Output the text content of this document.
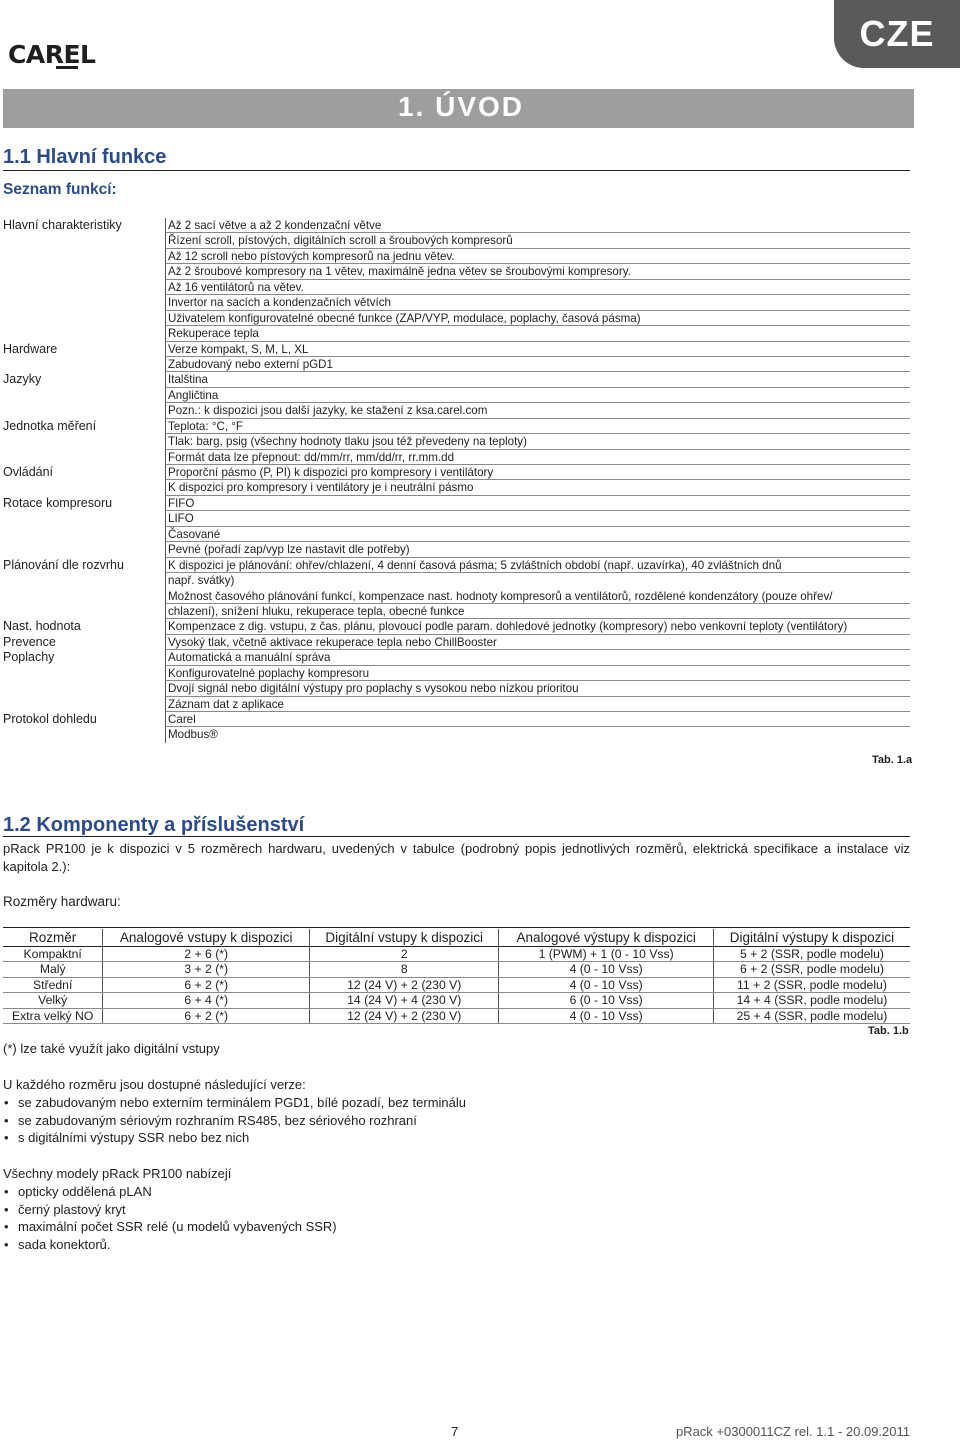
CAREL
CZE
1. ÚVOD
1.1 Hlavní funkce
Seznam funkcí:
Hlavní charakteristiky	Až 2 sací větve a až 2 kondenzační větve
Řízení scroll, pístových, digitálních scroll a šroubových kompresorů
Až 12 scroll nebo pístových kompresorů na jednu větev.
Až 2 šroubové kompresory na 1 větev, maximálně jedna větev se šroubovými kompresory.
Až 16 ventilátorů na větev.
Invertor na sacích a kondenzačních větvích
Uživatelem konfigurovatelné obecné funkce (ZAP/VYP, modulace, poplachy, časová pásma)
Rekuperace tepla
Hardware	Verze kompakt, S, M, L, XL
Zabudovaný nebo externí pGD1
Jazyky	Italština
Angličtina
Pozn.: k dispozici jsou další jazyky, ke stažení z ksa.carel.com
Jednotka měření	Teplota: °C, °F
Tlak: barg, psig (všechny hodnoty tlaku jsou též převedeny na teploty)
Formát data lze přepnout: dd/mm/rr, mm/dd/rr, rr.mm.dd
Ovládání	Proporční pásmo (P, PI) k dispozici pro kompresory i ventilátory
K dispozici pro kompresory i ventilátory je i neutrální pásmo
Rotace kompresoru	FIFO
LIFO
Časované
Pevné (pořadí zap/vyp lze nastavit dle potřeby)
Plánování dle rozvrhu	K dispozici je plánování: ohřev/chlazení, 4 denní časová pásma; 5 zvláštních období (např. uzavírka), 40 zvláštních dnů
např. svátky)
Možnost časového plánování funkcí, kompenzace nast. hodnoty kompresorů a ventilátorů, rozdělené kondenzátory (pouze ohřev/
chlazení), snížení hluku, rekuperace tepla, obecné funkce
Nast. hodnota	Kompenzace z dig. vstupu, z čas. plánu, plovoucí podle param. dohledové jednotky (kompresory) nebo venkovní teploty (ventilátory)
Prevence	Vysoký tlak, včetně aktivace rekuperace tepla nebo ChillBooster
Poplachy	Automatická a manuální správa
Konfigurovatelné poplachy kompresoru
Dvojí signál nebo digitální výstupy pro poplachy s vysokou nebo nízkou prioritou
Záznam dat z aplikace
Protokol dohledu	Carel
Modbus®
Tab. 1.a
1.2 Komponenty a příslušenství
pRack PR100 je k dispozici v 5 rozměrech hardwaru, uvedených v tabulce (podrobný popis jednotlivých rozměrů, elektrická specifikace a instalace viz kapitola 2.):
Rozměry hardwaru:
Rozměr	Analogové vstupy k dispozici	Digitální vstupy k dispozici	Analogové výstupy k dispozici	Digitální výstupy k dispozici
Kompaktní	2 + 6 (*)	2	1 (PWM) + 1 (0 - 10 Vss)	5 + 2 (SSR, podle modelu)
Malý	3 + 2 (*)	8	4 (0 - 10 Vss)	6 + 2 (SSR, podle modelu)
Střední	6 + 2 (*)	12 (24 V) + 2 (230 V)	4 (0 - 10 Vss)	11 + 2 (SSR, podle modelu)
Velký	6 + 4 (*)	14 (24 V) + 4 (230 V)	6 (0 - 10 Vss)	14 + 4 (SSR, podle modelu)
Extra velký NO	6 + 2 (*)	12 (24 V) + 2 (230 V)	4 (0 - 10 Vss)	25 + 4 (SSR, podle modelu)
Tab. 1.b
(*) lze také využít jako digitální vstupy
U každého rozměru jsou dostupné následující verze:
• se zabudovaným nebo externím terminálem PGD1, bílé pozadí, bez terminálu
• se zabudovaným sériovým rozhraním RS485, bez sériového rozhraní
• s digitálními výstupy SSR nebo bez nich
Všechny modely pRack PR100 nabízejí
• opticky oddělená pLAN
• černý plastový kryt
• maximální počet SSR relé (u modelů vybavených SSR)
• sada konektorů.
7	pRack +0300011CZ rel. 1.1 - 20.09.2011
